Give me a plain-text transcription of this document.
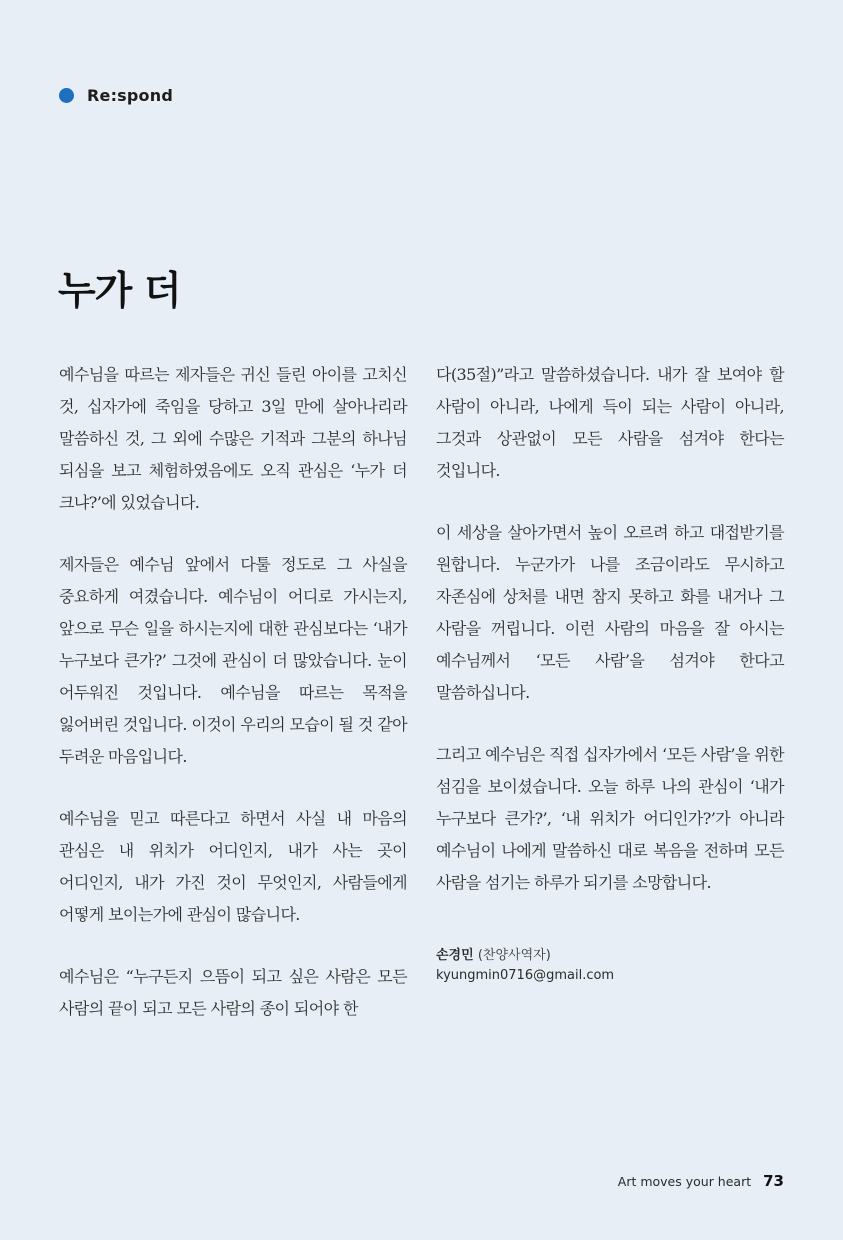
Re:spond
누가 더

예수님을 따르는 제자들은 귀신 들린 아이를 고치신 것, 십자가에 죽임을 당하고 3일 만에 살아나리라 말씀하신 것, 그 외에 수많은 기적과 그분의 하나님 되심을 보고 체험하였음에도 오직 관심은 ‘누가 더 크냐?’에 있었습니다.

제자들은 예수님 앞에서 다툴 정도로 그 사실을 중요하게 여겼습니다. 예수님이 어디로 가시는지, 앞으로 무슨 일을 하시는지에 대한 관심보다는 ‘내가 누구보다 큰가?’ 그것에 관심이 더 많았습니다. 눈이 어두워진 것입니다. 예수님을 따르는 목적을 잃어버린 것입니다. 이것이 우리의 모습이 될 것 같아 두려운 마음입니다.

예수님을 믿고 따른다고 하면서 사실 내 마음의 관심은 내 위치가 어디인지, 내가 사는 곳이 어디인지, 내가 가진 것이 무엇인지, 사람들에게 어떻게 보이는가에 관심이 많습니다.

예수님은 “누구든지 으뜸이 되고 싶은 사람은 모든 사람의 끝이 되고 모든 사람의 종이 되어야 한

다(35절)”라고 말씀하셨습니다. 내가 잘 보여야 할 사람이 아니라, 나에게 득이 되는 사람이 아니라, 그것과 상관없이 모든 사람을 섬겨야 한다는 것입니다.

이 세상을 살아가면서 높이 오르려 하고 대접받기를 원합니다. 누군가가 나를 조금이라도 무시하고 자존심에 상처를 내면 참지 못하고 화를 내거나 그 사람을 꺼립니다. 이런 사람의 마음을 잘 아시는 예수님께서 ‘모든 사람’을 섬겨야 한다고 말씀하십니다.

그리고 예수님은 직접 십자가에서 ‘모든 사람’을 위한 섬김을 보이셨습니다. 오늘 하루 나의 관심이 ‘내가 누구보다 큰가?’, ‘내 위치가 어디인가?’가 아니라 예수님이 나에게 말씀하신 대로 복음을 전하며 모든 사람을 섬기는 하루가 되기를 소망합니다.

손경민 (찬양사역자)
kyungmin0716@gmail.com
Art moves your heart 73
